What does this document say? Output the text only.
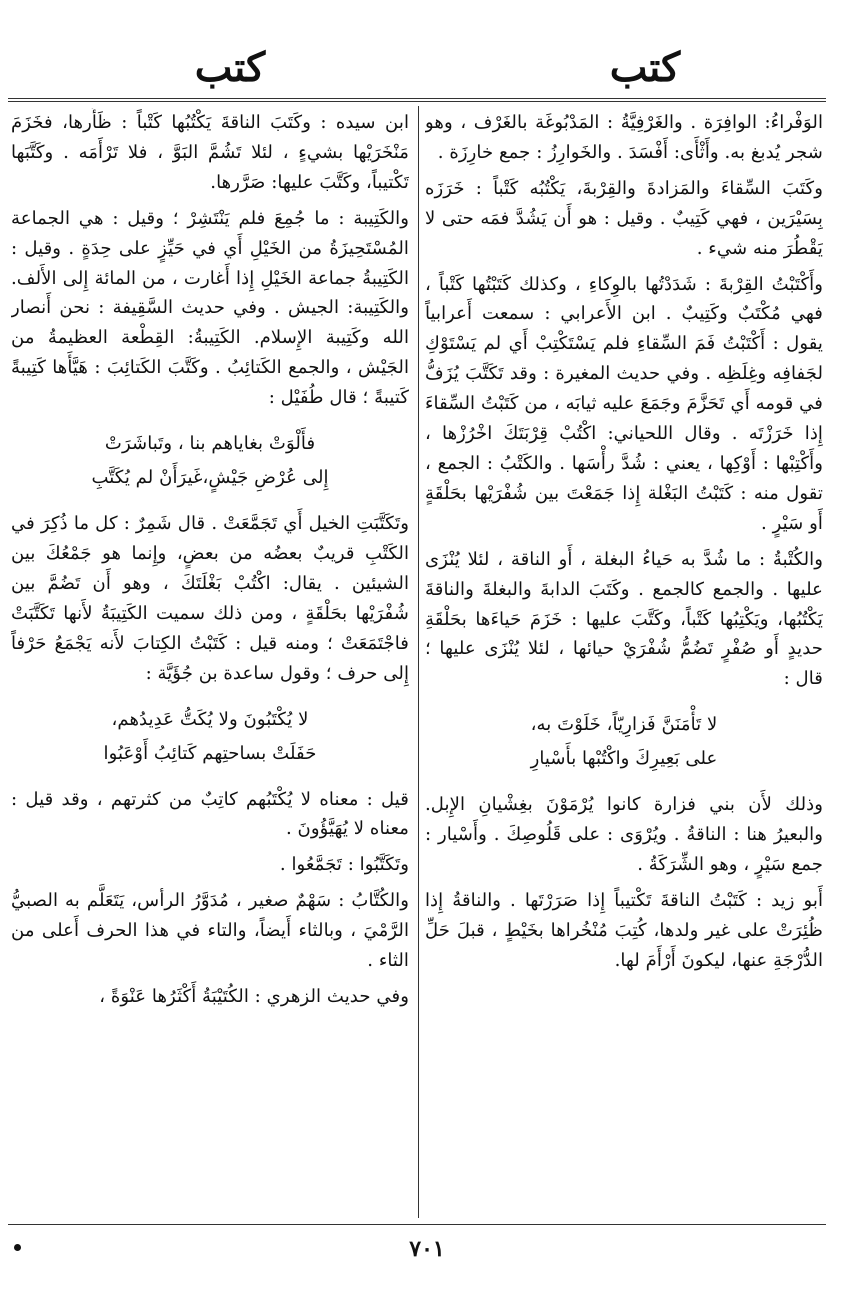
كتب
كتب

الوَفْراءُ: الوافِرَة . والغَرْفِيَّةُ : المَدْبُوغَة بالغَرْف ، وهو شجر يُدبغ به. وأَثْأَى: أَفْسَدَ . والخَوارِزُ : جمع خارِزَة .

وكَتَبَ السِّقاءَ والمَزادةَ والقِرْبةَ، يَكْتُبُه كَتْباً : خَرَزَه بِسَيْرَين ، فهي كَتِيبٌ . وقيل : هو أَن يَشُدَّ فمَه حتى لا يَقْطُرَ منه شيء .

وأَكْتَبْتُ القِرْبةَ : شَدَدْتُها بالوِكاءِ ، وكذلك كَتَبْتُها كَتْباً ، فهي مُكْتَبٌ وكَتِيبٌ . ابن الأَعرابي : سمعت أَعرابياً يقول : أَكْتَبْتُ فَمَ السِّقاءِ فلم يَسْتَكْتِبْ أَي لم يَسْتَوْكِ لجَفافِه وغِلَظِه . وفي حديث المغيرة : وقد تَكَتَّبَ يُزَفُّ في قومه أَي تَحَزَّمَ وجَمَعَ عليه ثيابَه ، من كَتَبْتُ السِّقاءَ إِذا خَرَزْتَه . وقال اللحياني: اكْتُبْ قِرْبَتَكَ اخْرُزْها ، وأَكْتِبْها : أَوْكِها ، يعني : شُدَّ رأْسَها . والكَتْبُ : الجمع ، تقول منه : كَتَبْتُ البَغْلة إِذا جَمَعْتَ بين شُفْرَيْها بحَلْقَةٍ أَو سَيْرٍ .

والكُتْبةُ : ما شُدَّ به حَياءُ البغلة ، أَو الناقة ، لئلا يُنْزَى عليها . والجمع كالجمع . وكَتَبَ الدابةَ والبغلةَ والناقةَ يَكْتُبُها، ويَكْتِبُها كَتْباً، وكَتَّبَ عليها : خَزَمَ حَياءَها بحَلْقَةِ حديدٍ أَو صُفْرٍ تَضُمُّ شُفْرَيْ حيائها ، لئلا يُنْزَى عليها ؛ قال :

لا تَأْمَنَنَّ فَزارِيّاً، خَلَوْتَ به،
على بَعِيرِكَ واكْتُبْها بأَسْيارِ

وذلك لأَن بني فزارة كانوا يُرْمَوْنَ بغِشْيانِ الإِبل. والبعيرُ هنا : الناقةُ . ويُرْوَى : على قَلُوصِكَ . وأَسْيار : جمع سَيْرٍ ، وهو الشِّرَكَةُ .

أَبو زيد : كَتَبْتُ الناقةَ تَكْتيباً إِذا صَرَرْتَها . والناقةُ إِذا ظُئِرَتْ على غير ولدها، كُتِبَ مُنْخُراها بخَيْطٍ ، قبلَ حَلِّ الدُّرْجَةِ عنها، ليكونَ أَرْأَمَ لها.

ابن سيده : وكَتَبَ الناقةَ يَكْتُبُها كَتْباً : ظَأَرها، فخَزَمَ مَنْخَرَيْها بشيءٍ ، لئلا تَشُمَّ البَوَّ ، فلا تَرْأَمَه . وكَتَّبَها تَكْتيباً، وكَتَّبَ عليها: صَرَّرها.

والكَتِيبة : ما جُمِعَ فلم يَنْتَشِرْ ؛ وقيل : هي الجماعة المُسْتَحِيزَةُ من الخَيْلِ أَي في حَيِّزٍ على حِدَةٍ . وقيل : الكَتِيبةُ جماعة الخَيْلِ إِذا أَغارت ، من المائة إِلى الأَلف. والكَتِيبة: الجيش . وفي حديث السَّقِيفة : نحن أَنصار الله وكَتِيبة الإِسلام. الكَتِيبةُ: القِطْعة العظيمةُ من الجَيْش ، والجمع الكَتائِبُ . وكَتَّبَ الكَتائِبَ : هَيَّأَها كَتِيبةً كَتيبةً ؛ قال طُفَيْل :

فأَلْوَتْ بغاياهم بنا ، وتَباشَرَتْ
إِلى عُرْضِ جَيْشٍ،غَيرَأَنْ لم يُكَتَّبِ

وتَكَتَّبَتِ الخيل أَي تَجَمَّعَتْ . قال شَمِرٌ : كل ما ذُكِرَ في الكَتْبِ قريبٌ بعضُه من بعضٍ، وإِنما هو جَمْعُكَ بين الشيئين . يقال: اكْتُبْ بَغْلَتَكَ ، وهو أَن تَضُمَّ بين شُفْرَيْها بحَلْقَةٍ ، ومن ذلك سميت الكَتِيبَةُ لأَنها تَكَتَّبَتْ فاجْتَمَعَتْ ؛ ومنه قيل : كَتَبْتُ الكِتابَ لأَنه يَجْمَعُ حَرْفاً إِلى حرف ؛ وقول ساعدة بن جُؤَيَّة :

لا يُكْتَبُونَ ولا يُكَتُّ عَدِيدُهم،
حَفَلَتْ بساحتِهم كَتائِبُ أَوْعَبُوا

قيل : معناه لا يُكْتَبُهم كاتِبٌ من كثرتهم ، وقد قيل : معناه لا يُهَيَّؤُونَ .

وتَكَتَّبُوا : تَجَمَّعُوا .

والكُتَّابُ : سَهْمٌ صغير ، مُدَوَّرُ الرأس، يَتَعَلَّم به الصبيُّ الرَّمْيَ ، وبالثاء أَيضاً، والتاء في هذا الحرف أَعلى من الثاء .

وفي حديث الزهري : الكُتَيْبَةُ أَكْثَرُها عَنْوَةً ،

٧٠١
